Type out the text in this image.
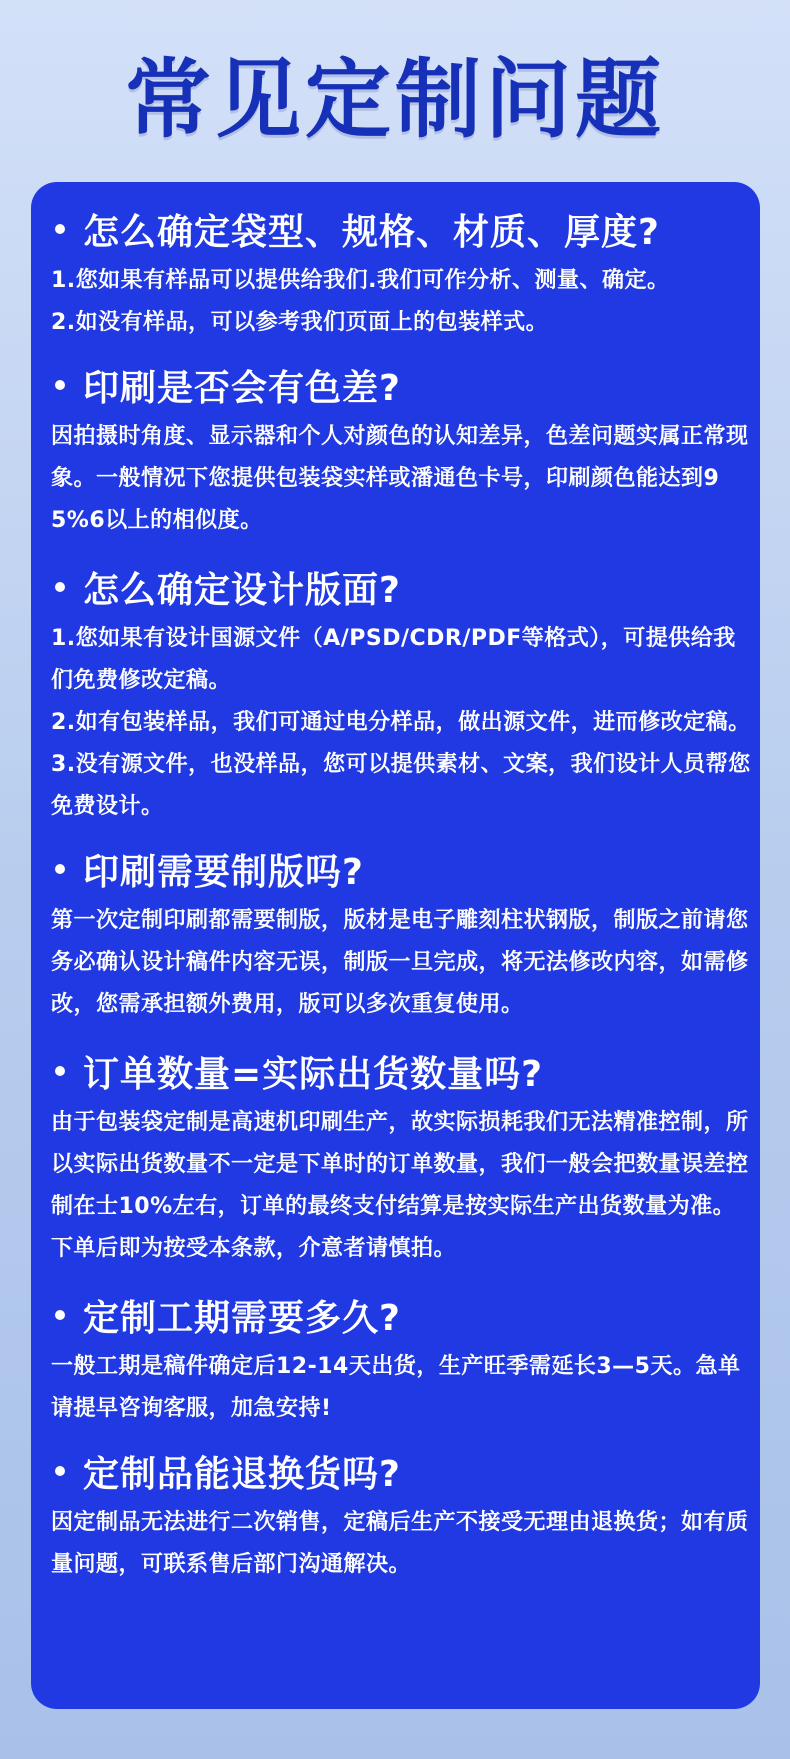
常见定制问题
怎么确定袋型、规格、材质、厚度?

1.您如果有样品可以提供给我们.我们可作分析、测量、确定。

2.如没有样品，可以参考我们页面上的包装样式。

印刷是否会有色差?

因拍摄时角度、显示器和个人对颜色的认知差异，色差问题实属正常现象。一般情况下您提供包装袋实样或潘通色卡号，印刷颜色能达到95%6以上的相似度。

怎么确定设计版面?

1.您如果有设计国源文件（A/PSD/CDR/PDF等格式），可提供给我们免费修改定稿。

2.如有包装样品，我们可通过电分样品，做出源文件，进而修改定稿。

3.没有源文件，也没样品，您可以提供素材、文案，我们设计人员帮您免费设计。

印刷需要制版吗?

第一次定制印刷都需要制版，版材是电子雕刻柱状钢版，制版之前请您务必确认设计稿件内容无误，制版一旦完成，将无法修改内容，如需修改，您需承担额外费用，版可以多次重复使用。

订单数量=实际出货数量吗?

由于包装袋定制是高速机印刷生产，故实际损耗我们无法精准控制，所以实际出货数量不一定是下单时的订单数量，我们一般会把数量误差控制在士10%左右，订单的最终支付结算是按实际生产出货数量为准。下单后即为按受本条款，介意者请慎拍。

定制工期需要多久?

一般工期是稿件确定后12-14天出货，生产旺季需延长3—5天。急单请提早咨询客服，加急安持!

定制品能退换货吗?

因定制品无法进行二次销售，定稿后生产不接受无理由退换货；如有质量问题，可联系售后部门沟通解决。
